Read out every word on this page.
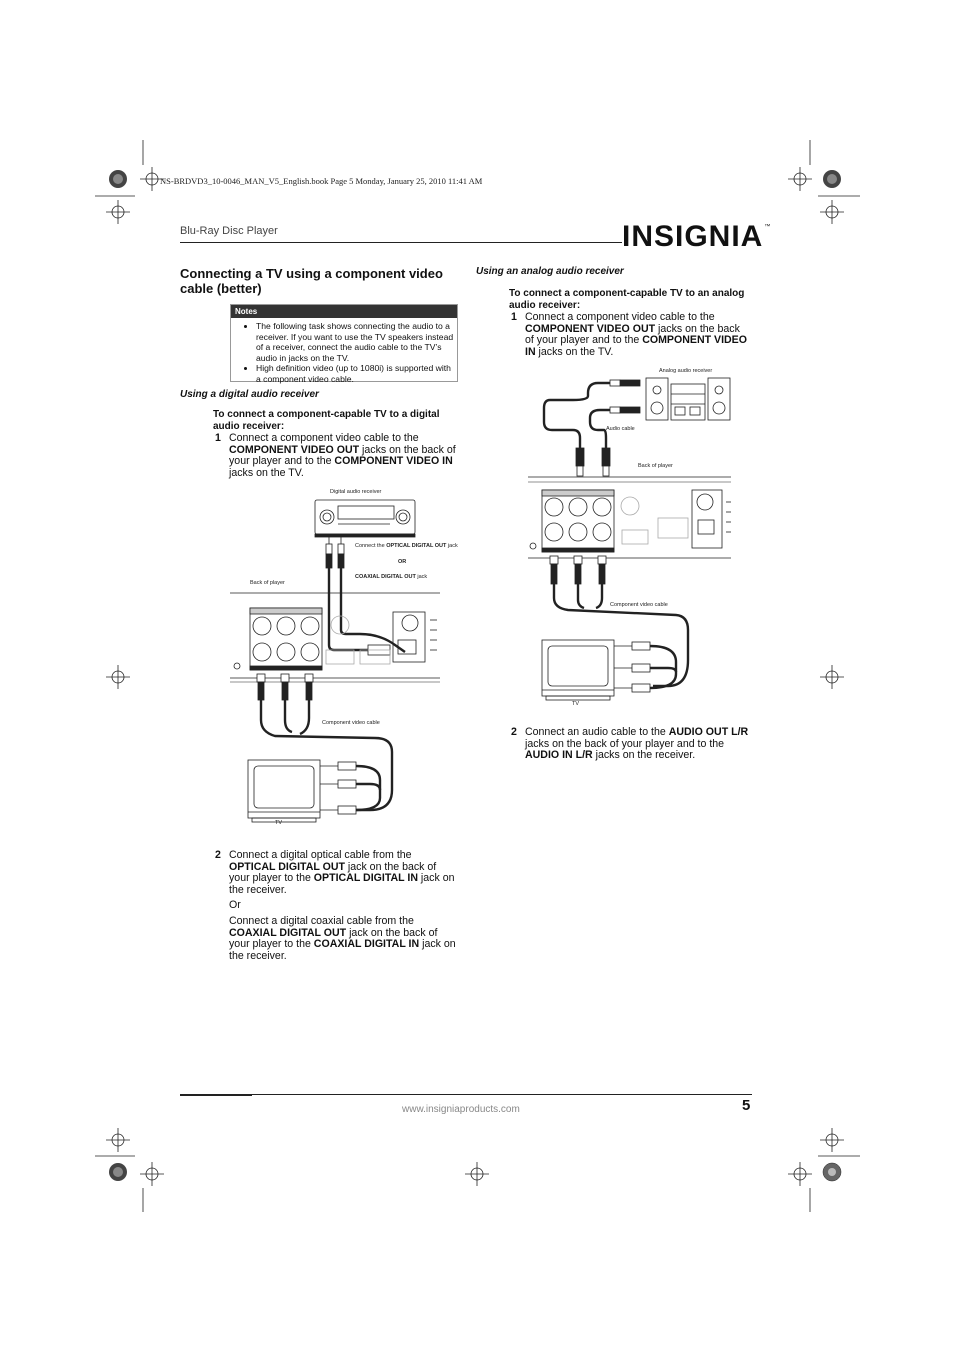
NS-BRDVD3_10-0046_MAN_V5_English.book Page 5 Monday, January 25, 2010 11:41 AM
Blu-Ray Disc Player	INSIGNIA™
Connecting a TV using a component video cable (better)
Notes
• The following task shows connecting the audio to a receiver. If you want to use the TV speakers instead of a receiver, connect the audio cable to the TV’s audio in jacks on the TV.
• High definition video (up to 1080i) is supported with a component video cable.
Using a digital audio receiver
To connect a component-capable TV to a digital audio receiver:
1 Connect a component video cable to the COMPONENT VIDEO OUT jacks on the back of your player and to the COMPONENT VIDEO IN jacks on the TV.
Digital audio receiver
Connect the OPTICAL DIGITAL OUT jack
OR
COAXIAL DIGITAL OUT jack
Back of player
Component video cable
TV
2 Connect a digital optical cable from the OPTICAL DIGITAL OUT jack on the back of your player to the OPTICAL DIGITAL IN jack on the receiver.
Or
Connect a digital coaxial cable from the COAXIAL DIGITAL OUT jack on the back of your player to the COAXIAL DIGITAL IN jack on the receiver.
Using an analog audio receiver
To connect a component-capable TV to an analog audio receiver:
1 Connect a component video cable to the COMPONENT VIDEO OUT jacks on the back of your player and to the COMPONENT VIDEO IN jacks on the TV.
Analog audio receiver
Audio cable
Back of player
Component video cable
TV
2 Connect an audio cable to the AUDIO OUT L/R jacks on the back of your player and to the AUDIO IN L/R jacks on the receiver.
www.insigniaproducts.com	5
